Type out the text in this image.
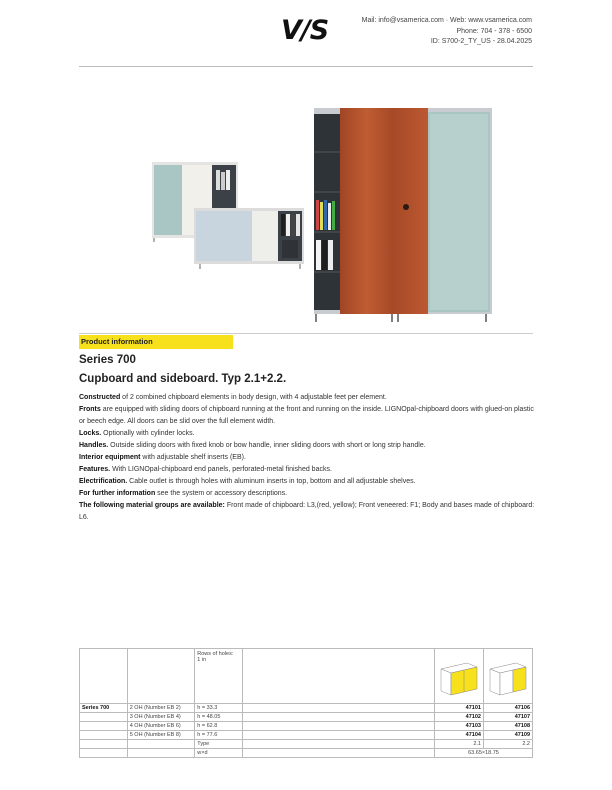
V/S	Mail: info@vsamerica.com · Web: www.vsamerica.com
Phone: 704 - 378 - 6500
ID: S700-2_TY_US - 28.04.2025
Product information
Series 700
Cupboard and sideboard. Typ 2.1+2.2.

Constructed of 2 combined chipboard elements in body design, with 4 adjustable feet per element.

Fronts are equipped with sliding doors of chipboard running at the front and running on the inside. LIGNOpal-chipboard doors with glued-on plastic or beech edge. All doors can be slid over the full element width.

Locks. Optionally with cylinder locks.

Handles. Outside sliding doors with fixed knob or bow handle, inner sliding doors with short or long strip handle.

Interior equipment with adjustable shelf inserts (EB).

Features. With LIGNOpal-chipboard end panels, perforated-metal finished backs.

Electrification. Cable outlet is through holes with aluminum inserts in top, bottom and all adjustable shelves.

For further information see the system or accessory descriptions.

The following material groups are available: Front made of chipboard: L3,(red, yellow); Front veneered: F1; Body and bases made of chipboard: L6.

		Rows of holes:
1 in

Series 700	2 OH (Number EB 2)	h = 33.3		47101	47106
	3 OH (Number EB 4)	h = 48.05		47102	47107
	4 OH (Number EB 6)	h = 62.8		47103	47108
	5 OH (Number EB 8)	h = 77.6		47104	47109
		Type		2.1	2.2
		w×d		63.65×18.75	
